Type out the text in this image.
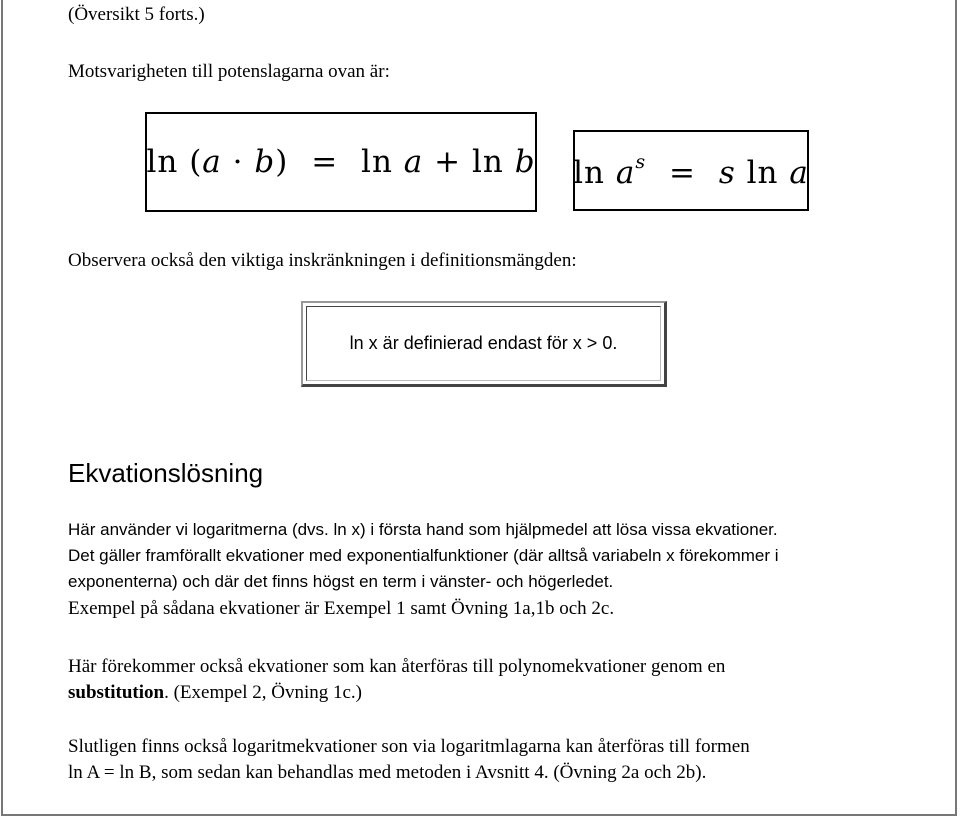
(Översikt 5 forts.)
Motsvarigheten till potenslagarna ovan är:
ln (a · b) = ln a + ln b $\ln a^s = s$ ln a
Observera också den viktiga inskränkningen i definitionsmängden:
ln x är definierad endast för x > 0.
Ekvationslösning
Här använder vi logaritmerna (dvs. ln x) i första hand som hjälpmedel att lösa vissa ekvationer.
Det gäller framförallt ekvationer med exponentialfunktioner (där alltså variabeln x förekommer i
exponenterna) och där det finns högst en term i vänster- och högerledet.
Exempel på sådana ekvationer är Exempel 1 samt Övning 1a,1b och 2c.
Här förekommer också ekvationer som kan återföras till polynomekvationer genom en
substitution. (Exempel 2, Övning 1c.)
Slutligen finns också logaritmekvationer son via logaritmlagarna kan återföras till formen
ln A = ln B, som sedan kan behandlas med metoden i Avsnitt 4. (Övning 2a och 2b).
